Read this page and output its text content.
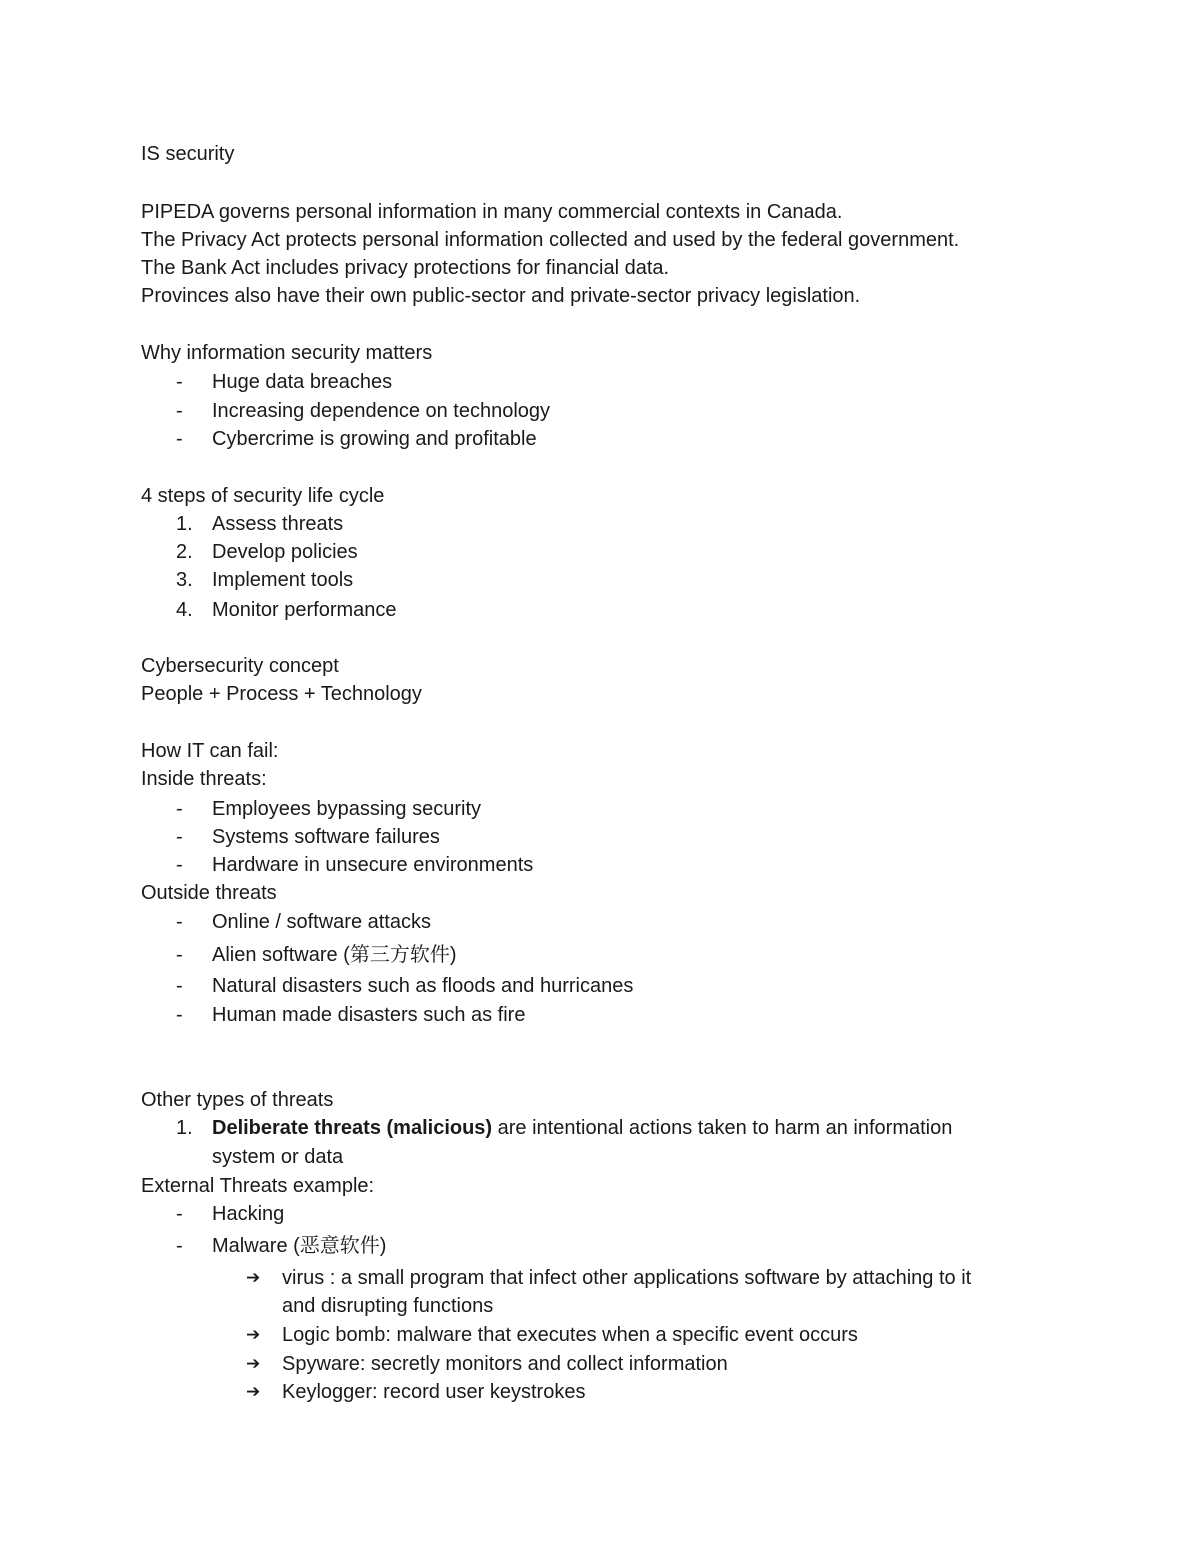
IS security
PIPEDA governs personal information in many commercial contexts in Canada.
The Privacy Act protects personal information collected and used by the federal government.
The Bank Act includes privacy protections for financial data.
Provinces also have their own public-sector and private-sector privacy legislation.
Why information security matters
- Huge data breaches
- Increasing dependence on technology
- Cybercrime is growing and profitable
4 steps of security life cycle
1. Assess threats
2. Develop policies
3. Implement tools
4. Monitor performance
Cybersecurity concept
People + Process + Technology
How IT can fail:
Inside threats:
- Employees bypassing security
- Systems software failures
- Hardware in unsecure environments
Outside threats
- Online / software attacks
- Alien software (第三方软件)
- Natural disasters such as floods and hurricanes
- Human made disasters such as fire
Other types of threats
1. Deliberate threats (malicious) are intentional actions taken to harm an information
system or data
External Threats example:
- Hacking
- Malware (恶意软件)
➔ virus : a small program that infect other applications software by attaching to it
and disrupting functions
➔ Logic bomb: malware that executes when a specific event occurs
➔ Spyware: secretly monitors and collect information
➔ Keylogger: record user keystrokes
